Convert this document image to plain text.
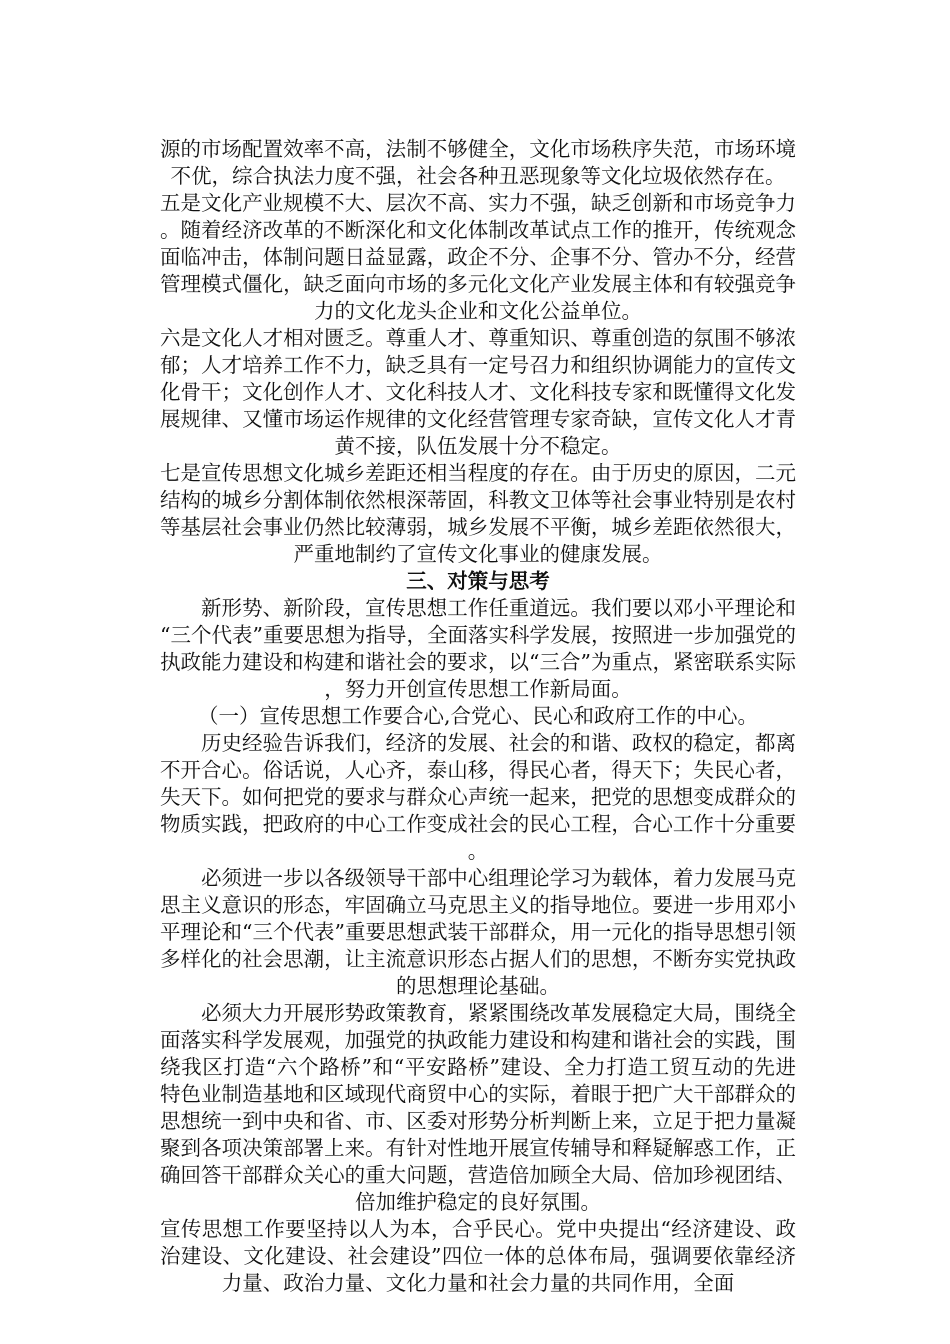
源的市场配置效率不高，法制不够健全，文化市场秩序失范，市场环境不优，综合执法力度不强，社会各种丑恶现象等文化垃圾依然存在。

五是文化产业规模不大、层次不高、实力不强，缺乏创新和市场竞争力。随着经济改革的不断深化和文化体制改革试点工作的推开，传统观念面临冲击，体制问题日益显露，政企不分、企事不分、管办不分，经营管理模式僵化，缺乏面向市场的多元化文化产业发展主体和有较强竞争力的文化龙头企业和文化公益单位。

六是文化人才相对匮乏。尊重人才、尊重知识、尊重创造的氛围不够浓郁；人才培养工作不力，缺乏具有一定号召力和组织协调能力的宣传文化骨干；文化创作人才、文化科技人才、文化科技专家和既懂得文化发展规律、又懂市场运作规律的文化经营管理专家奇缺，宣传文化人才青黄不接，队伍发展十分不稳定。

七是宣传思想文化城乡差距还相当程度的存在。由于历史的原因，二元结构的城乡分割体制依然根深蒂固，科教文卫体等社会事业特别是农村等基层社会事业仍然比较薄弱，城乡发展不平衡，城乡差距依然很大，严重地制约了宣传文化事业的健康发展。

三、对策与思考

新形势、新阶段，宣传思想工作任重道远。我们要以邓小平理论和“三个代表”重要思想为指导，全面落实科学发展，按照进一步加强党的执政能力建设和构建和谐社会的要求，以“三合”为重点，紧密联系实际，努力开创宣传思想工作新局面。

（一）宣传思想工作要合心,合党心、民心和政府工作的中心。

历史经验告诉我们，经济的发展、社会的和谐、政权的稳定，都离不开合心。俗话说，人心齐，泰山移，得民心者，得天下；失民心者，失天下。如何把党的要求与群众心声统一起来，把党的思想变成群众的物质实践，把政府的中心工作变成社会的民心工程，合心工作十分重要。

必须进一步以各级领导干部中心组理论学习为载体，着力发展马克思主义意识的形态，牢固确立马克思主义的指导地位。要进一步用邓小平理论和“三个代表”重要思想武装干部群众，用一元化的指导思想引领多样化的社会思潮，让主流意识形态占据人们的思想，不断夯实党执政的思想理论基础。

必须大力开展形势政策教育，紧紧围绕改革发展稳定大局，围绕全面落实科学发展观，加强党的执政能力建设和构建和谐社会的实践，围绕我区打造“六个路桥”和“平安路桥”建设、全力打造工贸互动的先进特色业制造基地和区域现代商贸中心的实际，着眼于把广大干部群众的思想统一到中央和省、市、区委对形势分析判断上来，立足于把力量凝聚到各项决策部署上来。有针对性地开展宣传辅导和释疑解惑工作，正确回答干部群众关心的重大问题，营造倍加顾全大局、倍加珍视团结、倍加维护稳定的良好氛围。

宣传思想工作要坚持以人为本，合乎民心。党中央提出“经济建设、政治建设、文化建设、社会建设”四位一体的总体布局，强调要依靠经济力量、政治力量、文化力量和社会力量的共同作用，全面
